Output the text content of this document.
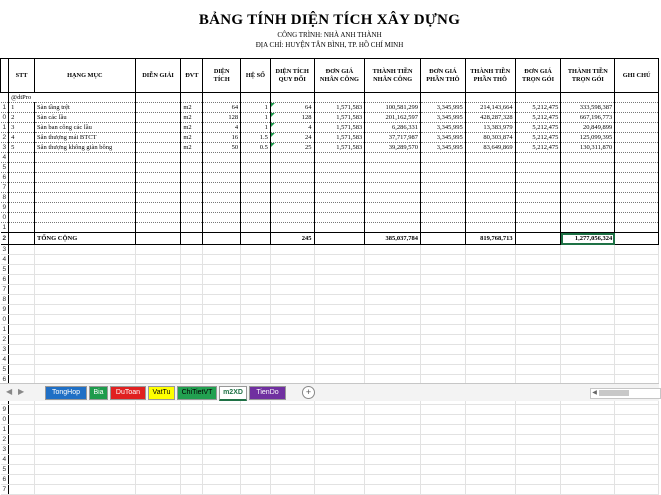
BẢNG TÍNH DIỆN TÍCH XÂY DỰNG
CÔNG TRÌNH: NHÀ ANH THÀNH
ĐỊA CHỈ: HUYỆN TÂN BÌNH, TP. HỒ CHÍ MINH
	STT	HẠNG MỤC	DIỄN GIẢI	ĐVT	DIỆN TÍCH	HỆ SỐ	DIỆN TÍCH QUY ĐỔI	ĐƠN GIÁ NHÂN CÔNG	THÀNH TIỀN NHÂN CÔNG	ĐƠN GIÁ PHẦN THÔ	THÀNH TIỀN PHẦN THÔ	ĐƠN GIÁ TRỌN GÓI	THÀNH TIỀN TRỌN GÓI	GHI CHÚ
	@dtPro													
1	1	Sàn tầng trệt		m2	64	1	64	1,571,583	100,581,299	3,345,995	214,143,664	5,212,475	333,598,387	
0	2	Sàn các lầu		m2	128	1	128	1,571,583	201,162,597	3,345,995	428,287,328	5,212,475	667,196,773	
1	3	Sàn ban công các lầu		m2	4	1	4	1,571,583	6,286,331	3,345,995	13,383,979	5,212,475	20,849,899	
2	4	Sân thượng mái BTCT		m2	16	1.5	24	1,571,583	37,717,987	3,345,995	80,303,874	5,212,475	125,099,395	
3	5	Sân thượng không giàn bông		m2	50	0.5	25	1,571,583	39,289,570	3,345,995	83,649,869	5,212,475	130,311,870	
4														
5														
6														
7														
8														
9														
0														
1														
2		TỔNG CỘNG					245		385,037,784		819,768,713		1,277,056,324	
3														
4														
5														
6														
7														
8														
9														
0														
1														
2														
3														
4														
5														
6														

9														
0														
1														
2														
3														
4														
5														
6														
7														
◀ ▶	TongHop	Bia	DuToan	VatTu	ChiTietVT	m2XD	TienDo	+	◀
